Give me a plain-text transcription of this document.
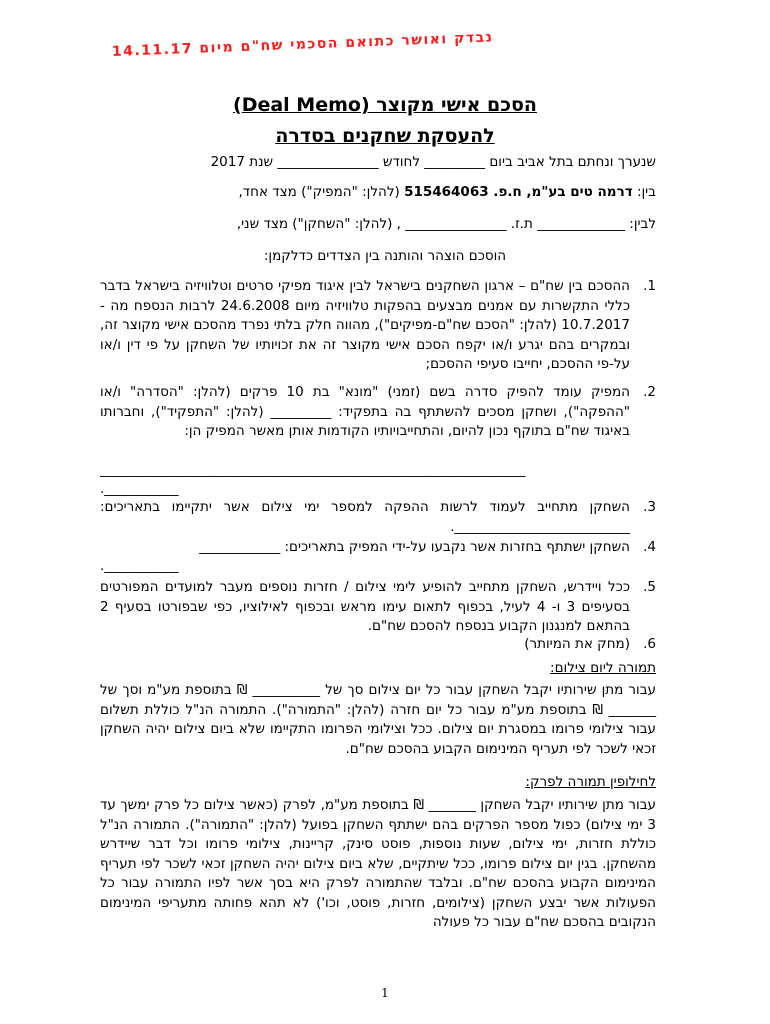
נבדק ואושר כתואם הסכמי שח"ם מיום 14.11.17
הסכם אישי מקוצר (Deal Memo)
להעסקת שחקנים בסדרה
שנערך ונחתם בתל אביב ביום _________ לחודש _______________ שנת 2017
בין: דרמה טים בע"מ, ח.פ. 515464063 (להלן: "המפיק") מצד אחד,
לבין: _____________ ת.ז. _______________ , (להלן: "השחקן") מצד שני,
הוסכם הוצהר והותנה בין הצדדים כדלקמן:
1.
ההסכם בין שח"ם – ארגון השחקנים בישראל לבין איגוד מפיקי סרטים וטלוויזיה בישראל בדבר כללי התקשרות עם אמנים מבצעים בהפקות טלוויזיה מיום 24.6.2008 לרבות הנספח מה - 10.7.2017 (להלן: "הסכם שח"ם-מפיקים"), מהווה חלק בלתי נפרד מהסכם אישי מקוצר זה, ובמקרים בהם יגרע ו/או יקפח הסכם אישי מקוצר זה את זכויותיו של השחקן על פי דין ו/או על-פי ההסכם, יחייבו סעיפי ההסכם;
2.
המפיק עומד להפיק סדרה בשם (זמני) "מונא" בת 10 פרקים (להלן: "הסדרה" ו/או "ההפקה"), ושחקן מסכים להשתתף בה בתפקיד: _________ (להלן: "התפקיד"), וחברותו באיגוד שח"ם בתוקף נכון להיום, והתחייבויותיו הקודמות אותן מאשר המפיק הן:
_______________________________________________________________
___________.
3.
השחקן מתחייב לעמוד לרשות ההפקה למספר ימי צילום אשר יתקיימו בתאריכים: __________________________.
4.
השחקן ישתתף בחזרות אשר נקבעו על-ידי המפיק בתאריכים: ____________
___________.
5.
ככל ויידרש, השחקן מתחייב להופיע לימי צילום / חזרות נוספים מעבר למועדים המפורטים בסעיפים 3 ו- 4 לעיל, בכפוף לתאום עימו מראש ובכפוף לאילוציו, כפי שבפורטו בסעיף 2 בהתאם למנגנון הקבוע בנספח להסכם שח"ם.
6.
(מחק את המיותר)
תמורה ליום צילום:
עבור מתן שירותיו יקבל השחקן עבור כל יום צילום סך של __________ ₪ בתוספת מע"מ וסך של _______ ₪ בתוספת מע"מ עבור כל יום חזרה (להלן: "התמורה"). התמורה הנ"ל כוללת תשלום עבור צילומי פרומו במסגרת יום צילום. ככל וצילומי הפרומו התקיימו שלא ביום צילום יהיה השחקן זכאי לשכר לפי תעריף המינימום הקבוע בהסכם שח"ם.
לחילופין תמורה לפרק:
עבור מתן שירותיו יקבל השחקן _______ ₪ בתוספת מע"מ, לפרק (כאשר צילום כל פרק ימשך עד 3 ימי צילום) כפול מספר הפרקים בהם ישתתף השחקן בפועל (להלן: "התמורה"). התמורה הנ"ל כוללת חזרות, ימי צילום, שעות נוספות, פוסט סינק, קריינות, צילומי פרומו וכל דבר שיידרש מהשחקן. בגין יום צילום פרומו, ככל שיתקיים, שלא ביום צילום יהיה השחקן זכאי לשכר לפי תעריף המינימום הקבוע בהסכם שח"ם. ובלבד שהתמורה לפרק היא בסך אשר לפיו התמורה עבור כל הפעולות אשר יבצע השחקן (צילומים, חזרות, פוסט, וכו') לא תהא פחותה מתעריפי המינימום הנקובים בהסכם שח"ם עבור כל פעולה
1
